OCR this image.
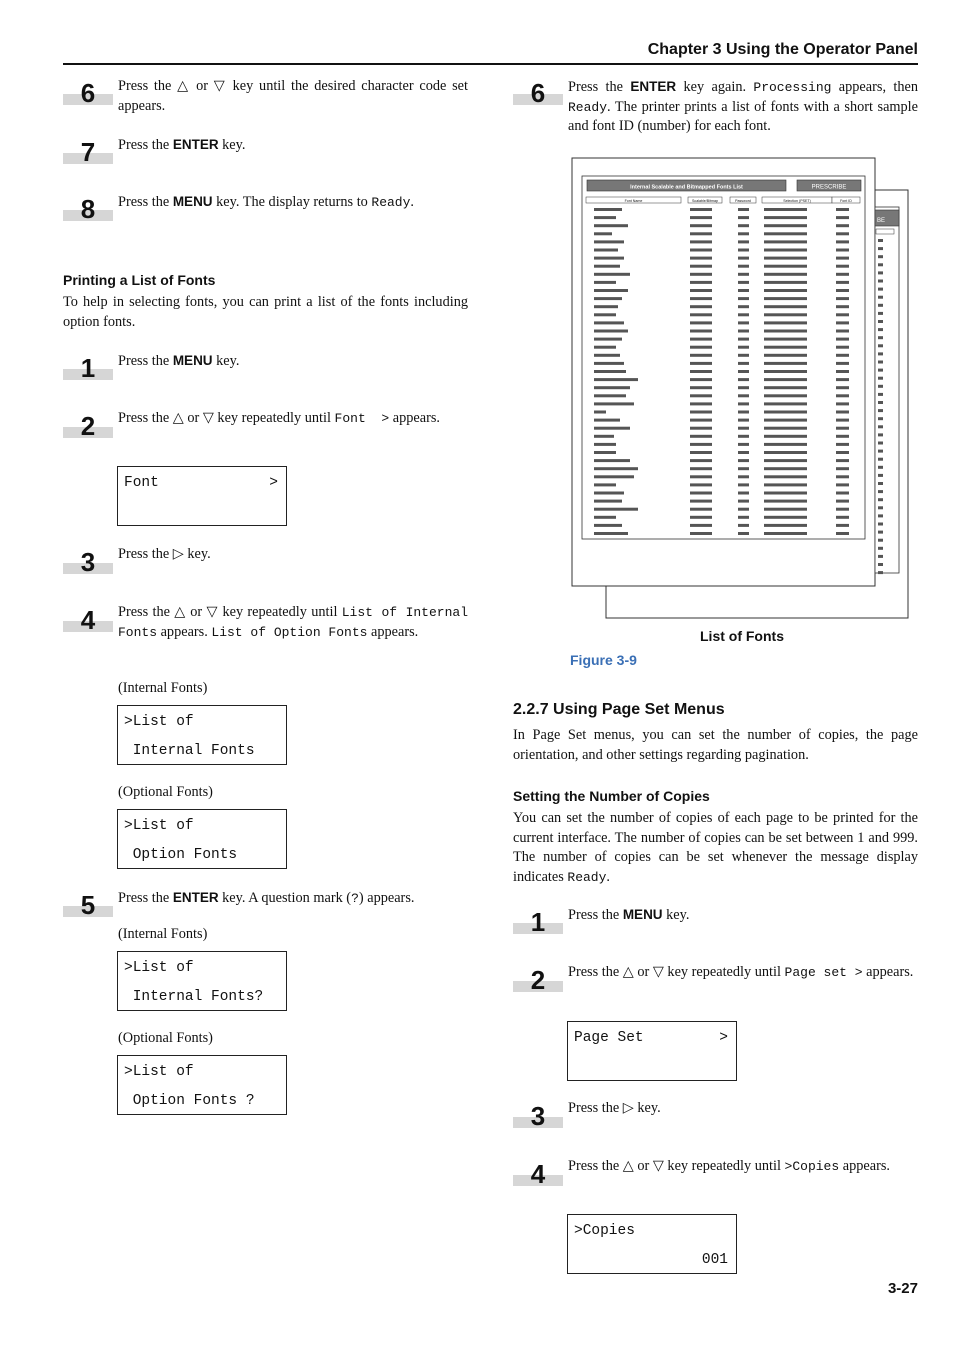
Chapter 3 Using the Operator Panel
6	Press the △ or ▽ key until the desired character code set appears.
7	Press the ENTER key.
8	Press the MENU key. The display returns to Ready.
Printing a List of Fonts
To help in selecting fonts, you can print a list of the fonts including option fonts.
1	Press the MENU key.
2	Press the △ or ▽ key repeatedly until Font  > appears.
Font	>
3	Press the ▷ key.
4	Press the △ or ▽ key repeatedly until List of Internal Fonts appears. List of Option Fonts appears.
(Internal Fonts)
>List of
Internal Fonts
(Optional Fonts)
>List of
Option Fonts
5	Press the ENTER key. A question mark (?) appears.
(Internal Fonts)
>List of
Internal Fonts?
(Optional Fonts)
>List of
Option Fonts ?
6	Press the ENTER key again. Processing appears, then Ready. The printer prints a list of fonts with a short sample and font ID (number) for each font.
BE
Internal Scalable and Bitmapped Fonts List	PRESCRIBE
Font Name	Scalable/Bitmap	Password	Selection (PSET)	Font ID
List of Fonts
Figure 3-9
2.2.7 Using Page Set Menus
In Page Set menus, you can set the number of copies, the page orientation, and other settings regarding pagination.
Setting the Number of Copies
You can set the number of copies of each page to be printed for the current interface. The number of copies can be set between 1 and 999. The number of copies can be set whenever the message display indicates Ready.
1	Press the MENU key.
2	Press the △ or ▽ key repeatedly until Page set > appears.
Page Set	>
3	Press the ▷ key.
4	Press the △ or ▽ key repeatedly until >Copies appears.
>Copies
001
3-27
